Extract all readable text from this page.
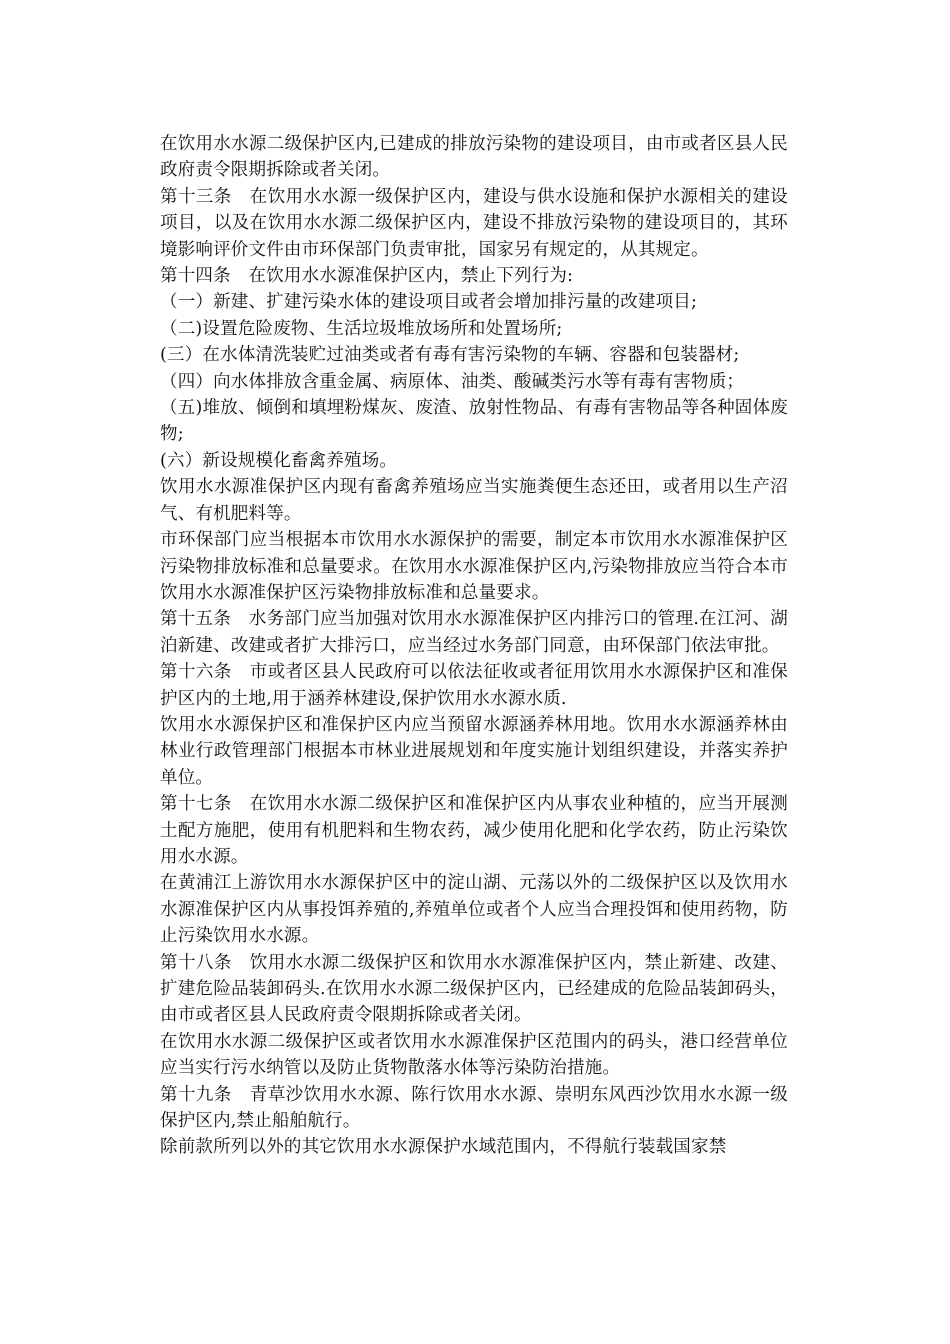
在饮用水水源二级保护区内,已建成的排放污染物的建设项目，由市或者区县人民政府责令限期拆除或者关闭。

第十三条　在饮用水水源一级保护区内，建设与供水设施和保护水源相关的建设项目，以及在饮用水水源二级保护区内，建设不排放污染物的建设项目的，其环境影响评价文件由市环保部门负责审批，国家另有规定的，从其规定。

第十四条　在饮用水水源准保护区内，禁止下列行为:

（一）新建、扩建污染水体的建设项目或者会增加排污量的改建项目;

（二)设置危险废物、生活垃圾堆放场所和处置场所;

(三）在水体清洗装贮过油类或者有毒有害污染物的车辆、容器和包装器材;

（四）向水体排放含重金属、病原体、油类、酸碱类污水等有毒有害物质；

（五)堆放、倾倒和填埋粉煤灰、废渣、放射性物品、有毒有害物品等各种固体废物;

(六）新设规模化畜禽养殖场。

饮用水水源准保护区内现有畜禽养殖场应当实施粪便生态还田，或者用以生产沼气、有机肥料等。

市环保部门应当根据本市饮用水水源保护的需要，制定本市饮用水水源准保护区污染物排放标准和总量要求。在饮用水水源准保护区内,污染物排放应当符合本市饮用水水源准保护区污染物排放标准和总量要求。

第十五条　水务部门应当加强对饮用水水源准保护区内排污口的管理.在江河、湖泊新建、改建或者扩大排污口，应当经过水务部门同意，由环保部门依法审批。

第十六条　市或者区县人民政府可以依法征收或者征用饮用水水源保护区和准保护区内的土地,用于涵养林建设,保护饮用水水源水质.

饮用水水源保护区和准保护区内应当预留水源涵养林用地。饮用水水源涵养林由林业行政管理部门根据本市林业进展规划和年度实施计划组织建设，并落实养护单位。

第十七条　在饮用水水源二级保护区和准保护区内从事农业种植的，应当开展测土配方施肥，使用有机肥料和生物农药，减少使用化肥和化学农药，防止污染饮用水水源。

在黄浦江上游饮用水水源保护区中的淀山湖、元荡以外的二级保护区以及饮用水水源准保护区内从事投饵养殖的,养殖单位或者个人应当合理投饵和使用药物，防止污染饮用水水源。

第十八条　饮用水水源二级保护区和饮用水水源准保护区内，禁止新建、改建、扩建危险品装卸码头.在饮用水水源二级保护区内，已经建成的危险品装卸码头，由市或者区县人民政府责令限期拆除或者关闭。

在饮用水水源二级保护区或者饮用水水源准保护区范围内的码头，港口经营单位应当实行污水纳管以及防止货物散落水体等污染防治措施。

第十九条　青草沙饮用水水源、陈行饮用水水源、崇明东风西沙饮用水水源一级保护区内,禁止船舶航行。

除前款所列以外的其它饮用水水源保护水域范围内，不得航行装载国家禁
